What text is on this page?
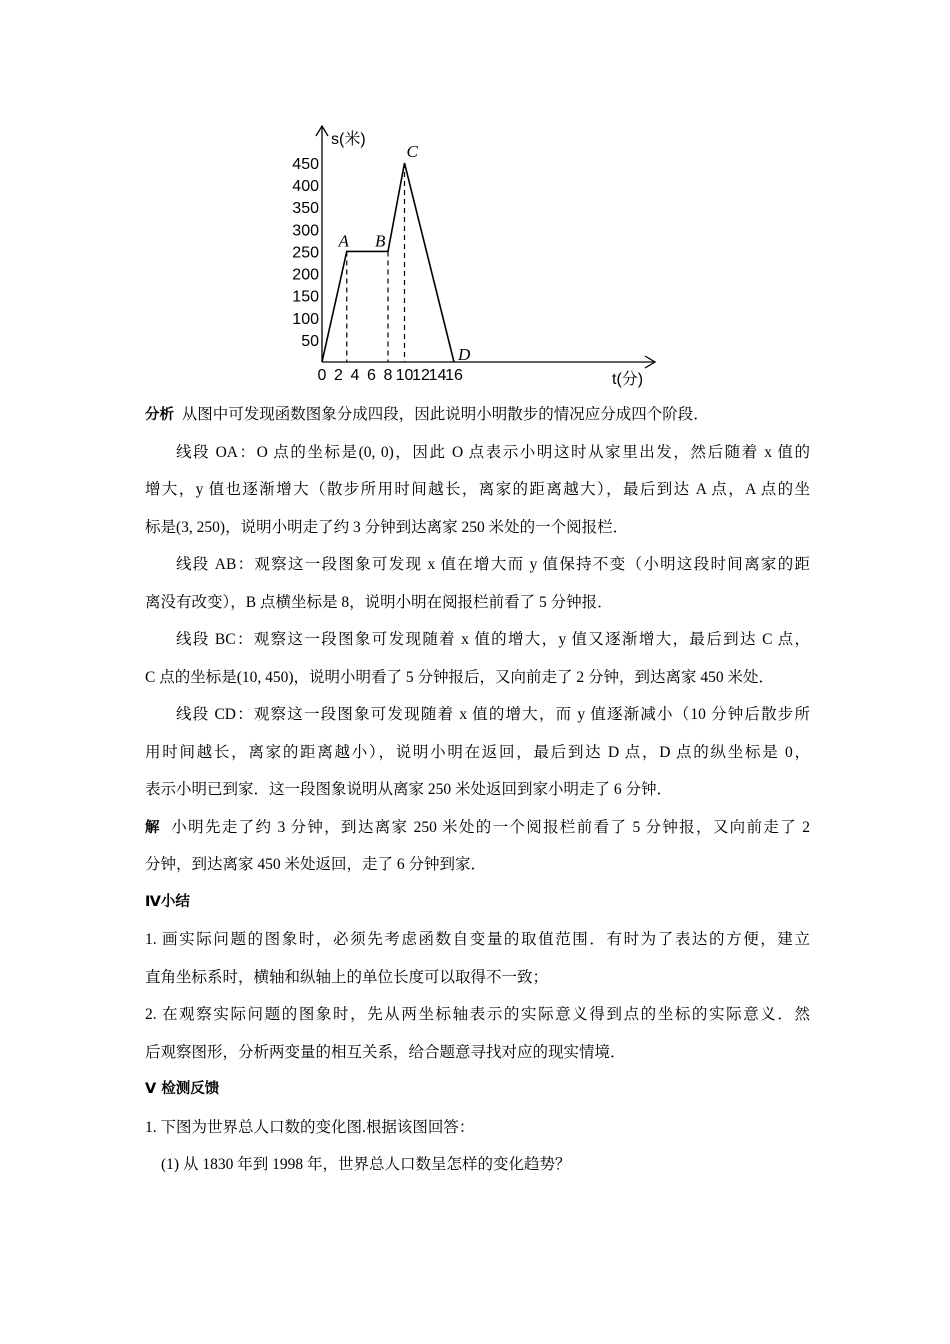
s(米)
t(分)
50
100
150
200
250
300
350
400
450
0 2 4 6 8 10
12
14
16
A B
C
D
分析 从图中可发现函数图象分成四段，因此说明小明散步的情况应分成四个阶段．
线段 OA：O 点的坐标是(0, 0)，因此 O 点表示小明这时从家里出发，然后随着 x 值的
增大，y 值也逐渐增大（散步所用时间越长，离家的距离越大），最后到达 A 点，A 点的坐
标是(3, 250)，说明小明走了约 3 分钟到达离家 250 米处的一个阅报栏．
线段 AB：观察这一段图象可发现 x 值在增大而 y 值保持不变（小明这段时间离家的距
离没有改变），B 点横坐标是 8，说明小明在阅报栏前看了 5 分钟报．
线段 BC：观察这一段图象可发现随着 x 值的增大，y 值又逐渐增大，最后到达 C 点，
C 点的坐标是(10, 450)，说明小明看了 5 分钟报后，又向前走了 2 分钟，到达离家 450 米处．
线段 CD：观察这一段图象可发现随着 x 值的增大，而 y 值逐渐减小（10 分钟后散步所
用时间越长，离家的距离越小），说明小明在返回，最后到达 D 点，D 点的纵坐标是 0，
表示小明已到家．这一段图象说明从离家 250 米处返回到家小明走了 6 分钟．
解 小明先走了约 3 分钟，到达离家 250 米处的一个阅报栏前看了 5 分钟报，又向前走了 2
分钟，到达离家 450 米处返回，走了 6 分钟到家．
Ⅳ小结
1. 画实际问题的图象时，必须先考虑函数自变量的取值范围．有时为了表达的方便，建立
直角坐标系时，横轴和纵轴上的单位长度可以取得不一致；
2. 在观察实际问题的图象时，先从两坐标轴表示的实际意义得到点的坐标的实际意义．然
后观察图形，分析两变量的相互关系，给合题意寻找对应的现实情境．
Ⅴ 检测反馈
1. 下图为世界总人口数的变化图.根据该图回答：
(1) 从 1830 年到 1998 年，世界总人口数呈怎样的变化趋势？
